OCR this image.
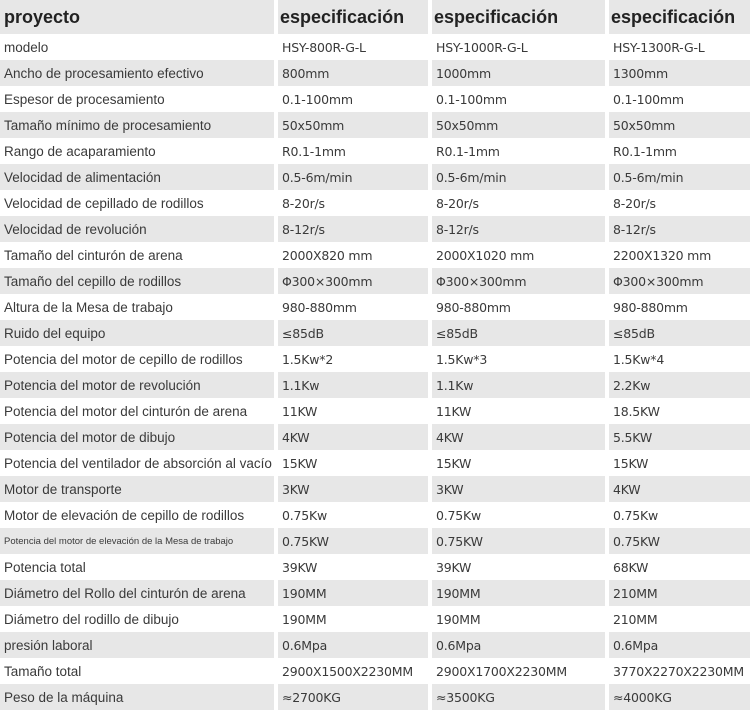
proyecto	especificación	especificación	especificación
modelo	HSY-800R-G-L	HSY-1000R-G-L	HSY-1300R-G-L
Ancho de procesamiento efectivo	800mm	1000mm	1300mm
Espesor de procesamiento	0.1-100mm	0.1-100mm	0.1-100mm
Tamaño mínimo de procesamiento	50x50mm	50x50mm	50x50mm
Rango de acaparamiento	R0.1-1mm	R0.1-1mm	R0.1-1mm
Velocidad de alimentación	0.5-6m/min	0.5-6m/min	0.5-6m/min
Velocidad de cepillado de rodillos	8-20r/s	8-20r/s	8-20r/s
Velocidad de revolución	8-12r/s	8-12r/s	8-12r/s
Tamaño del cinturón de arena	2000X820 mm	2000X1020 mm	2200X1320 mm
Tamaño del cepillo de rodillos	Φ300×300mm	Φ300×300mm	Φ300×300mm
Altura de la Mesa de trabajo	980-880mm	980-880mm	980-880mm
Ruido del equipo	≤85dB	≤85dB	≤85dB
Potencia del motor de cepillo de rodillos	1.5Kw*2	1.5Kw*3	1.5Kw*4
Potencia del motor de revolución	1.1Kw	1.1Kw	2.2Kw
Potencia del motor del cinturón de arena	11KW	11KW	18.5KW
Potencia del motor de dibujo	4KW	4KW	5.5KW
Potencia del ventilador de absorción al vacío 15KW	15KW	15KW
Motor de transporte	3KW	3KW	4KW
Motor de elevación de cepillo de rodillos	0.75Kw	0.75Kw	0.75Kw
Potencia del motor de elevación de la Mesa de trabajo	0.75KW	0.75KW	0.75KW
Potencia total	39KW	39KW	68KW
Diámetro del Rollo del cinturón de arena	190MM	190MM	210MM
Diámetro del rodillo de dibujo	190MM	190MM	210MM
presión laboral	0.6Mpa	0.6Mpa	0.6Mpa
Tamaño total	2900X1500X2230MM	2900X1700X2230MM	3770X2270X2230MM
Peso de la máquina	≈2700KG	≈3500KG	≈4000KG
